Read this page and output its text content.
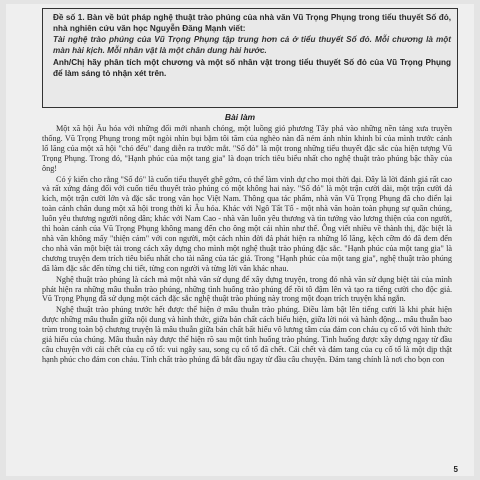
Đề số 1. Bàn về bút pháp nghệ thuật trào phúng của nhà văn Vũ Trọng Phụng trong tiểu thuyết Số đỏ, nhà nghiên cứu văn học Nguyễn Đăng Mạnh viết:

Tài nghệ trào phúng của Vũ Trọng Phụng tập trung hơn cả ở tiểu thuyết Số đỏ. Mỗi chương là một màn hài kịch. Mỗi nhân vật là một chân dung hài hước.

Anh/Chị hãy phân tích một chương và một số nhân vật trong tiểu thuyết Số đỏ của Vũ Trọng Phụng để làm sáng tỏ nhận xét trên.

Bài làm

Một xã hội Âu hóa với những đổi mới nhanh chóng, một luồng gió phương Tây phả vào những nền tảng xưa truyền thống. Vũ Trọng Phụng trong một ngòi nhìn bụi bặm tôi tăm của nghèo nàn đã ném ánh nhìn khinh bỉ của mình trước cảnh lố lăng của một xã hội "chó đểu" đang diễn ra trước mắt. "Số đỏ" là một trong những tiểu thuyết đặc sắc của hiện tượng Vũ Trọng Phụng. Trong đó, "Hạnh phúc của một tang gia" là đoạn trích tiêu biểu nhất cho nghệ thuật trào phúng bậc thầy của ông!

Có ý kiến cho rằng "Số đỏ" là cuốn tiểu thuyết ghê gớm, có thể làm vinh dự cho mọi thời đại. Đây là lời đánh giá rất cao và rất xứng đáng đối với cuốn tiểu thuyết trào phúng có một không hai này. "Số đỏ" là một trận cười dài, một trận cười đả kích, một trận cười lớn và đặc sắc trong văn học Việt Nam. Thông qua tác phẩm, nhà văn Vũ Trọng Phụng đã cho điển lại toàn cảnh chân dung một xã hội trong thời kì Âu hóa. Khác với Ngô Tất Tố - một nhà văn hoàn toàn phụng sự quần chúng, luôn yêu thương người nông dân; khác với Nam Cao - nhà văn luôn yêu thương và tìn tưởng vào lương thiện của con người, thì hoàn cảnh của Vũ Trọng Phụng không mang đến cho ông một cái nhìn như thế. Ông viết nhiều về thành thị, đặc biệt là nhà văn không mấy "thiện cảm" với con người, một cách nhìn đời đả phát hiện ra những lố lăng, kệch cỡm đó đã đem đến cho nhà văn một biệt tài trong cách xây dựng cho mình một nghệ thuật trào phúng đặc sắc. "Hạnh phúc của một tang gia" là chương truyện đem trích tiêu biểu nhất cho tài năng của tác giả. Trong "Hạnh phúc của một tang gia", nghệ thuật trào phúng đã làm đặc sắc đến từng chi tiết, từng con người và từng lời văn khác nhau.

Nghệ thuật trào phúng là cách mà một nhà văn sử dụng để xây dựng truyện, trong đó nhà văn sử dụng biệt tài của mình phát hiện ra những mâu thuẫn trào phúng, những tình huống trào phúng để rồi tô đậm lên và tạo ra tiếng cười cho độc giả. Vũ Trọng Phụng đã sử dụng một cách đặc sắc nghệ thuật trào phúng này trong một đoạn trích truyện khá ngắn.

Nghệ thuật trào phúng trước hết được thể hiện ở mâu thuẫn trào phúng. Điều làm bật lên tiếng cười là khi phát hiện được những mâu thuẫn giữa nội dung và hình thức, giữa bản chất cách biểu hiện, giữa lời nói và hành động... mâu thuẫn bao trùm trong toàn bộ chương truyện là mâu thuẫn giữa bản chất bất hiếu vô lương tâm của đám con cháu cụ cố tổ với hình thức giả hiếu của chúng. Mâu thuẫn này được thể hiện rõ sau một tình huống trào phúng. Tình huống được xây dựng ngay từ đầu câu chuyện với cái chết của cụ cố tổ: vui ngây sau, song cụ cố tổ đã chết. Cái chết và đám tang của cụ cố tổ là một dịp thật hạnh phúc cho đám con cháu. Tính chất trào phúng đã bắt đầu ngay từ đầu câu chuyện. Đám tang chính là nơi cho bọn con

5
